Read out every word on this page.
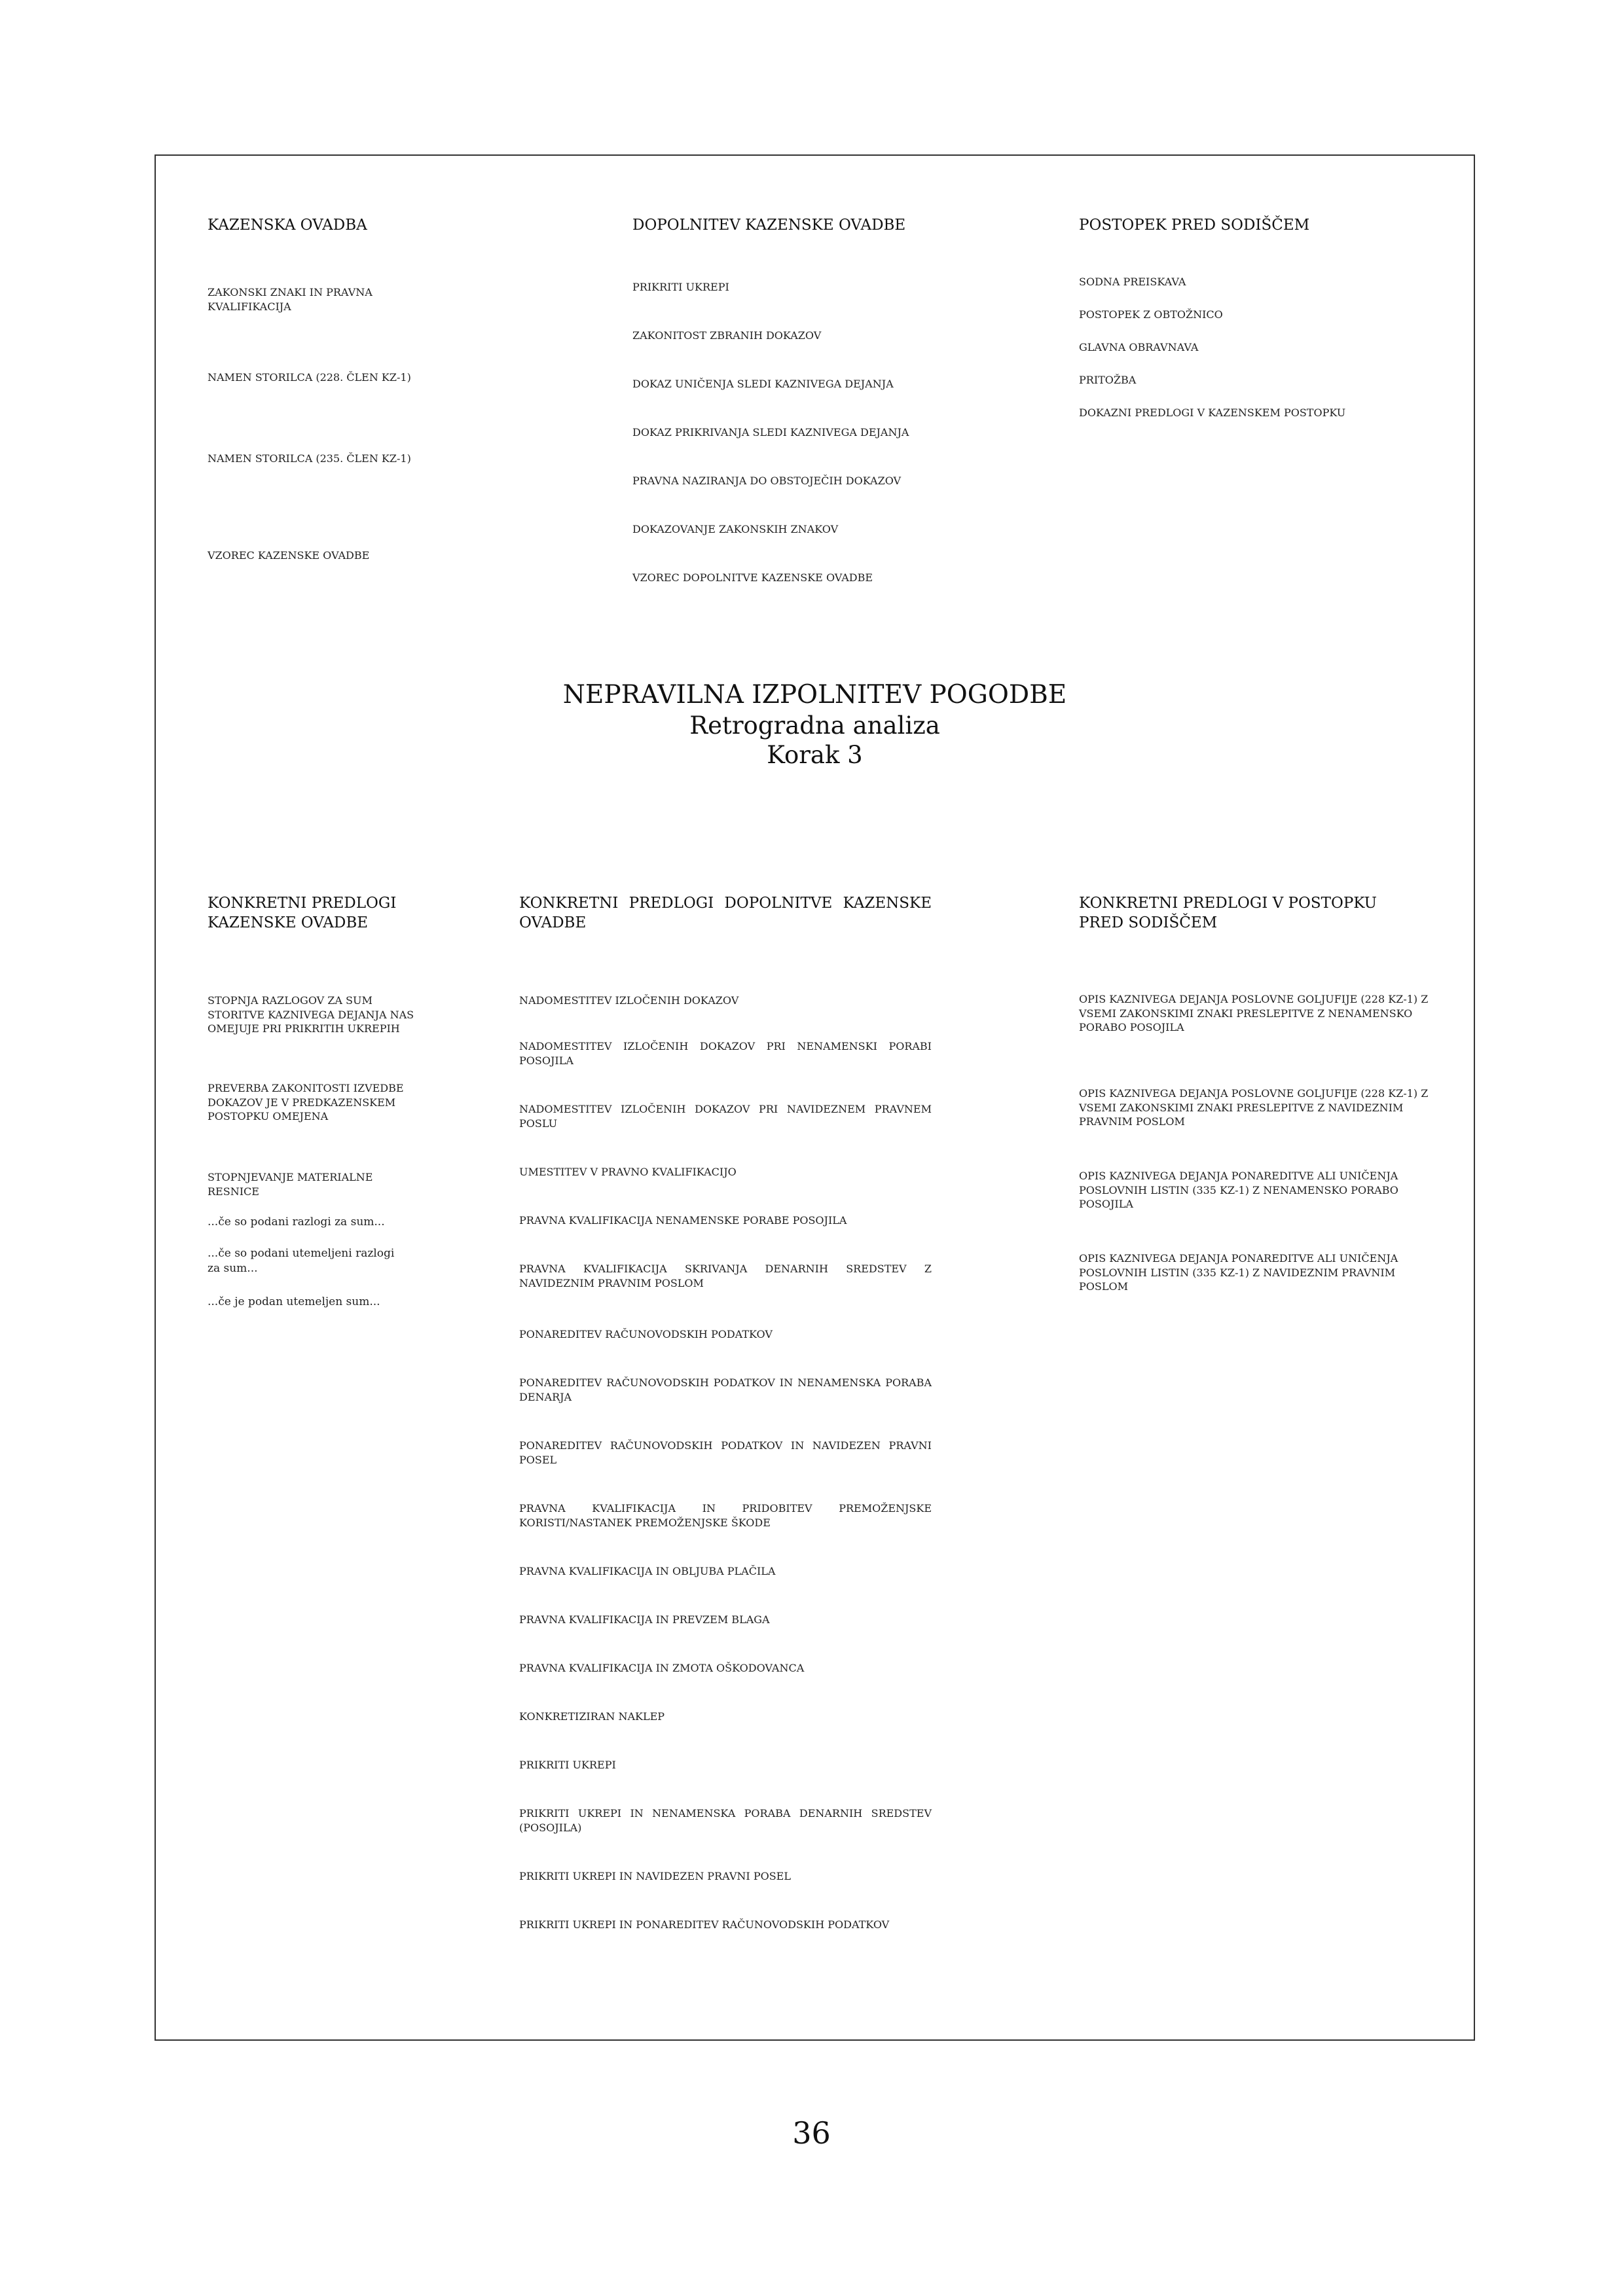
KAZENSKA OVADBA

ZAKONSKI ZNAKI IN PRAVNA KVALIFIKACIJA
NAMEN STORILCA (228. ČLEN KZ-1)
NAMEN STORILCA (235. ČLEN KZ-1)
VZOREC KAZENSKE OVADBE

DOPOLNITEV KAZENSKE OVADBE

PRIKRITI UKREPI
ZAKONITOST ZBRANIH DOKAZOV
DOKAZ UNIČENJA SLEDI KAZNIVEGA DEJANJA
DOKAZ PRIKRIVANJA SLEDI KAZNIVEGA DEJANJA
PRAVNA NAZIRANJA DO OBSTOJEČIH DOKAZOV
DOKAZOVANJE ZAKONSKIH ZNAKOV
VZOREC DOPOLNITVE KAZENSKE OVADBE

POSTOPEK PRED SODIŠČEM

SODNA PREISKAVA
POSTOPEK Z OBTOŽNICO
GLAVNA OBRAVNAVA
PRITOŽBA
DOKAZNI PREDLOGI V KAZENSKEM POSTOPKU
NEPRAVILNA IZPOLNITEV POGODBE
Retrogradna analiza
Korak 3

KONKRETNI PREDLOGI KAZENSKE OVADBE

STOPNJA RAZLOGOV ZA SUM STORITVE KAZNIVEGA DEJANJA NAS OMEJUJE PRI PRIKRITIH UKREPIH
PREVERBA ZAKONITOSTI IZVEDBE DOKAZOV JE V PREDKAZENSKEM POSTOPKU OMEJENA
STOPNJEVANJE MATERIALNE RESNICE
...če so podani razlogi za sum...
...če so podani utemeljeni razlogi za sum...
...če je podan utemeljen sum...

KONKRETNI PREDLOGI DOPOLNITVE KAZENSKE OVADBE

NADOMESTITEV IZLOČENIH DOKAZOV
NADOMESTITEV IZLOČENIH DOKAZOV PRI NENAMENSKI PORABI POSOJILA
NADOMESTITEV IZLOČENIH DOKAZOV PRI NAVIDEZNEM PRAVNEM POSLU
UMESTITEV V PRAVNO KVALIFIKACIJO
PRAVNA KVALIFIKACIJA NENAMENSKE PORABE POSOJILA
PRAVNA KVALIFIKACIJA SKRIVANJA DENARNIH SREDSTEV Z NAVIDEZNIM PRAVNIM POSLOM
PONAREDITEV RAČUNOVODSKIH PODATKOV
PONAREDITEV RAČUNOVODSKIH PODATKOV IN NENAMENSKA PORABA DENARJA
PONAREDITEV RAČUNOVODSKIH PODATKOV IN NAVIDEZEN PRAVNI POSEL
PRAVNA KVALIFIKACIJA IN PRIDOBITEV PREMOŽENJSKE KORISTI/NASTANEK PREMOŽENJSKE ŠKODE
PRAVNA KVALIFIKACIJA IN OBLJUBA PLAČILA
PRAVNA KVALIFIKACIJA IN PREVZEM BLAGA
PRAVNA KVALIFIKACIJA IN ZMOTA OŠKODOVANCA
KONKRETIZIRAN NAKLEP
PRIKRITI UKREPI
PRIKRITI UKREPI IN NENAMENSKA PORABA DENARNIH SREDSTEV (POSOJILA)
PRIKRITI UKREPI IN NAVIDEZEN PRAVNI POSEL
PRIKRITI UKREPI IN PONAREDITEV RAČUNOVODSKIH PODATKOV

KONKRETNI PREDLOGI V POSTOPKU PRED SODIŠČEM

OPIS KAZNIVEGA DEJANJA POSLOVNE GOLJUFIJE (228 KZ-1) Z VSEMI ZAKONSKIMI ZNAKI PRESLEPITVE Z NENAMENSKO PORABO POSOJILA
OPIS KAZNIVEGA DEJANJA POSLOVNE GOLJUFIJE (228 KZ-1) Z VSEMI ZAKONSKIMI ZNAKI PRESLEPITVE Z NAVIDEZNIM PRAVNIM POSLOM
OPIS KAZNIVEGA DEJANJA PONAREDITVE ALI UNIČENJA POSLOVNIH LISTIN (335 KZ-1) Z NENAMENSKO PORABO POSOJILA
OPIS KAZNIVEGA DEJANJA PONAREDITVE ALI UNIČENJA POSLOVNIH LISTIN (335 KZ-1) Z NAVIDEZNIM PRAVNIM POSLOM
36
